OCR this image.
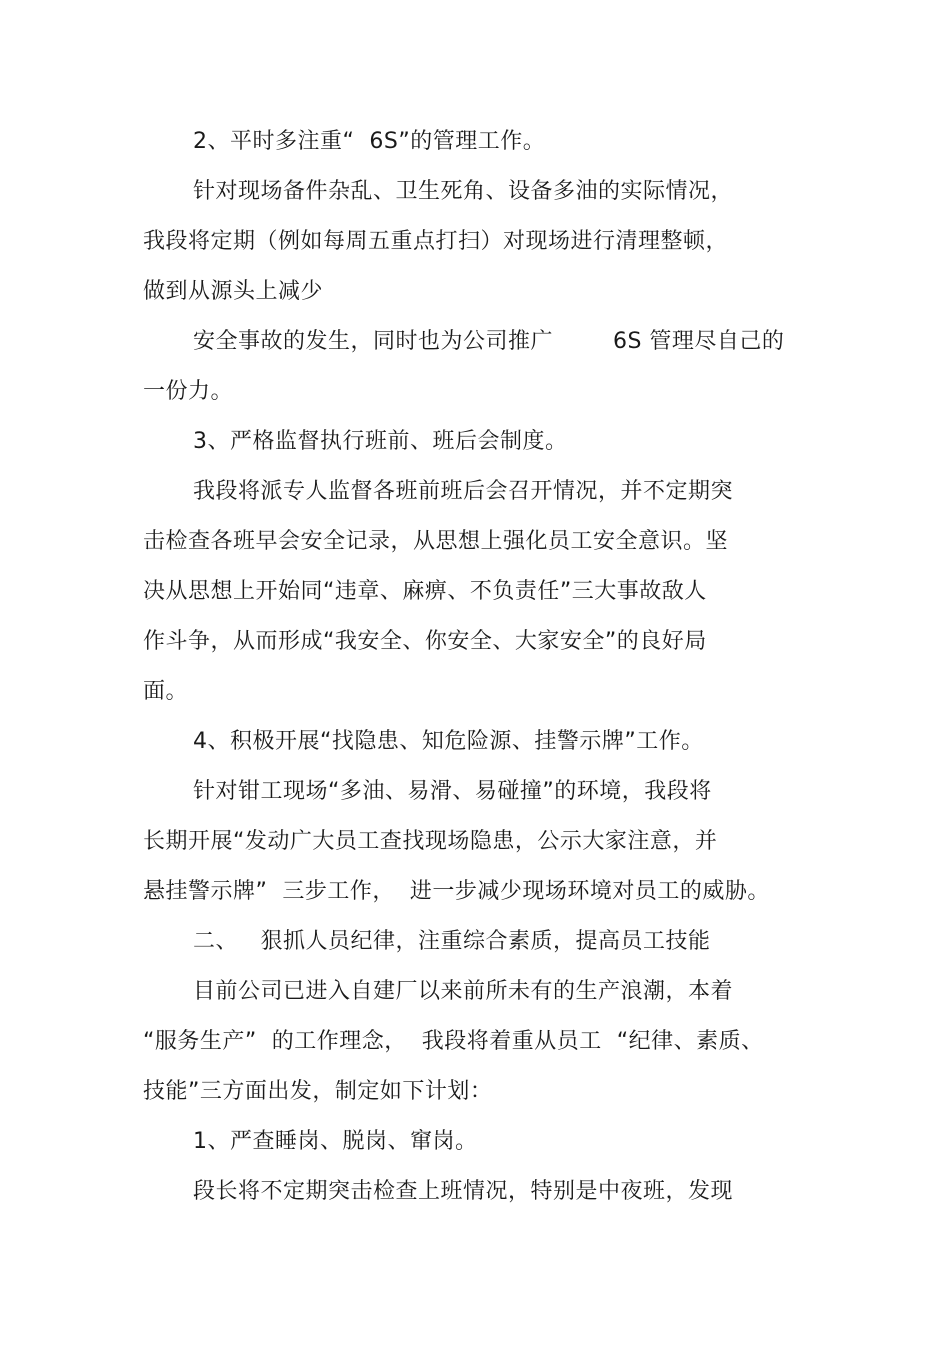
2、平时多注重“  6S”的管理工作。
针对现场备件杂乱、卫生死角、设备多油的实际情况，
我段将定期（例如每周五重点打扫）对现场进行清理整顿，
做到从源头上减少
安全事故的发生，同时也为公司推广        6S 管理尽自己的
一份力。
3、严格监督执行班前、班后会制度。
我段将派专人监督各班前班后会召开情况，并不定期突
击检查各班早会安全记录，从思想上强化员工安全意识。坚
决从思想上开始同“违章、麻痹、不负责任”三大事故敌人
作斗争，从而形成“我安全、你安全、大家安全”的良好局
面。
4、积极开展“找隐患、知危险源、挂警示牌”工作。
针对钳工现场“多油、易滑、易碰撞”的环境，我段将
长期开展“发动广大员工查找现场隐患，公示大家注意，并
悬挂警示牌”  三步工作，  进一步减少现场环境对员工的威胁。
二、   狠抓人员纪律，注重综合素质，提高员工技能
目前公司已进入自建厂以来前所未有的生产浪潮，本着
“服务生产”  的工作理念，  我段将着重从员工  “纪律、素质、
技能”三方面出发，制定如下计划：
1、严查睡岗、脱岗、窜岗。
段长将不定期突击检查上班情况，特别是中夜班，发现
